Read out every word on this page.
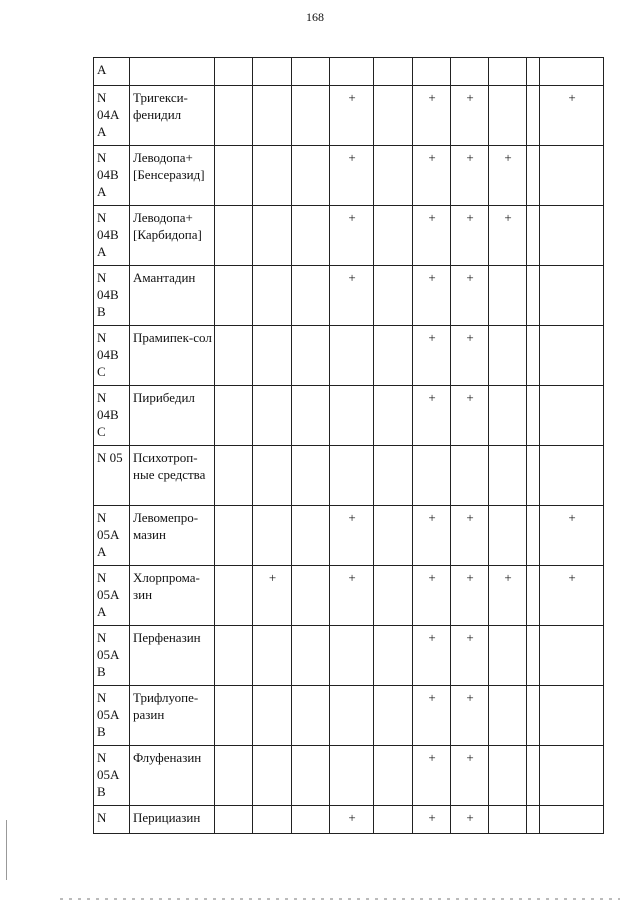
168
A											
N 04A A	Тригекси-фенидил				+		+	+			+
N 04B A	Леводопа+[Бенсеразид]				+		+	+	+		
N 04B A	Леводопа+[Карбидопа]				+		+	+	+		
N 04B B	Амантадин				+		+	+			
N 04B C	Прамипек-сол						+	+			
N 04B C	Пирибедил						+	+			
N 05	Психотроп-ные средства										
N 05A A	Левомепро-мазин				+		+	+			+
N 05A A	Хлорпрома-зин		+		+		+	+	+		+
N 05A B	Перфеназин						+	+			
N 05A B	Трифлуопе-разин						+	+			
N 05A B	Флуфеназин						+	+			
N	Перициазин				+		+	+			
